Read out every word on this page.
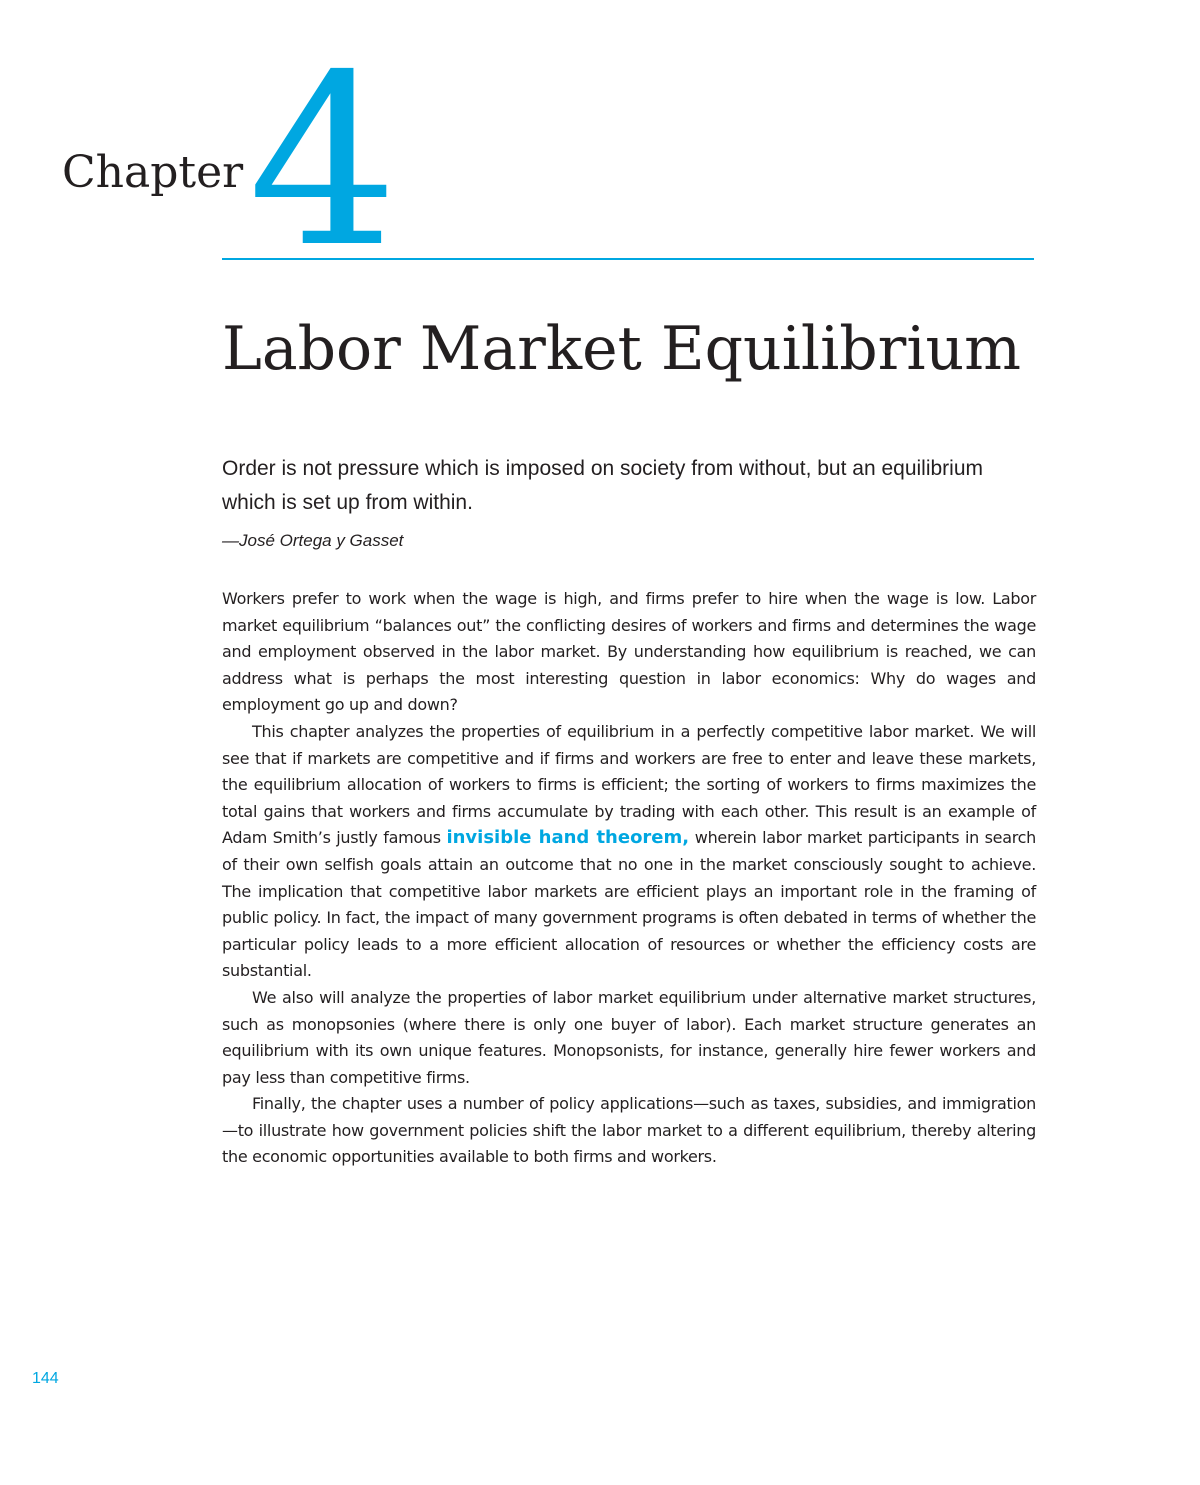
Chapter 4
Labor Market Equilibrium

Order is not pressure which is imposed on society from without, but an equilibrium which is set up from within.

—José Ortega y Gasset

Workers prefer to work when the wage is high, and firms prefer to hire when the wage is low. Labor market equilibrium “balances out” the conflicting desires of workers and firms and determines the wage and employment observed in the labor market. By understanding how equilibrium is reached, we can address what is perhaps the most interesting question in labor economics: Why do wages and employment go up and down?

This chapter analyzes the properties of equilibrium in a perfectly competitive labor market. We will see that if markets are competitive and if firms and workers are free to enter and leave these markets, the equilibrium allocation of workers to firms is efficient; the sorting of workers to firms maximizes the total gains that workers and firms accumulate by trading with each other. This result is an example of Adam Smith’s justly famous invisible hand theorem, wherein labor market participants in search of their own selfish goals attain an outcome that no one in the market consciously sought to achieve. The implication that competitive labor markets are efficient plays an important role in the framing of public policy. In fact, the impact of many government programs is often debated in terms of whether the particular policy leads to a more efficient allocation of resources or whether the efficiency costs are substantial.

We also will analyze the properties of labor market equilibrium under alternative market structures, such as monopsonies (where there is only one buyer of labor). Each market structure generates an equilibrium with its own unique features. Monopsonists, for instance, generally hire fewer workers and pay less than competitive firms.

Finally, the chapter uses a number of policy applications—such as taxes, subsidies, and immigration—to illustrate how government policies shift the labor market to a different equilibrium, thereby altering the economic opportunities available to both firms and workers.

144
